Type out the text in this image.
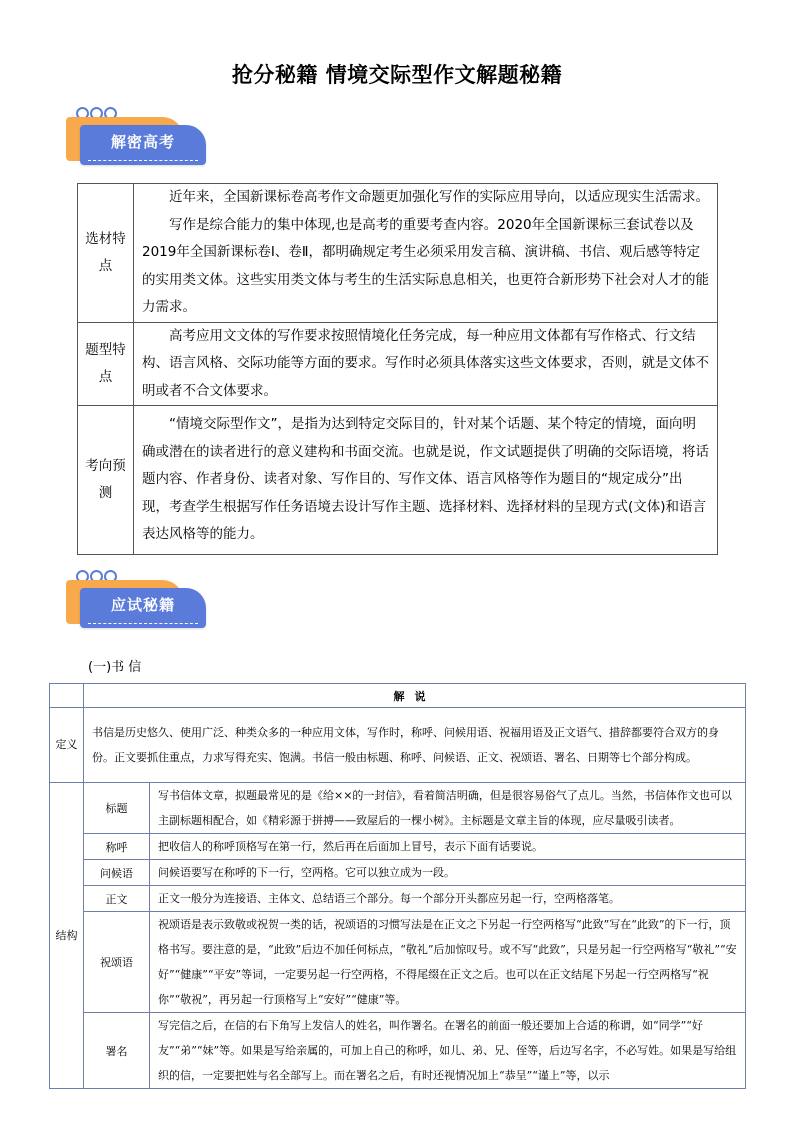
抢分秘籍 情境交际型作文解题秘籍
解密高考
选材特点	近年来，全国新课标卷高考作文命题更加强化写作的实际应用导向，以适应现实生活需求。

写作是综合能力的集中体现,也是高考的重要考查内容。2020年全国新课标三套试卷以及 2019年全国新课标卷Ⅰ、卷Ⅱ，都明确规定考生必须采用发言稿、演讲稿、书信、观后感等特定的实用类文体。这些实用类文体与考生的生活实际息息相关，也更符合新形势下社会对人才的能力需求。

题型特点	高考应用文文体的写作要求按照情境化任务完成，每一种应用文体都有写作格式、行文结构、语言风格、交际功能等方面的要求。写作时必须具体落实这些文体要求，否则，就是文体不明或者不合文体要求。

考向预测	“情境交际型作文”，是指为达到特定交际目的，针对某个话题、某个特定的情境，面向明确或潜在的读者进行的意义建构和书面交流。也就是说，作文试题提供了明确的交际语境，将话题内容、作者身份、读者对象、写作目的、写作文体、语言风格等作为题目的“规定成分”出现，考查学生根据写作任务语境去设计写作主题、选择材料、选择材料的呈现方式(文体)和语言表达风格等的能力。

应试秘籍
(一)书 信
	解说	
定义	书信是历史悠久、使用广泛、种类众多的一种应用文体，写作时，称呼、问候用语、祝福用语及正文语气、措辞都要符合双方的身份。正文要抓住重点，力求写得充实、饱满。书信一般由标题、称呼、问候语、正文、祝颂语、署名、日期等七个部分构成。	
结构	标题	写书信体文章，拟题最常见的是《给××的一封信》，看着简洁明确，但是很容易俗气了点儿。当然，书信体作文也可以主副标题相配合，如《精彩源于拼搏——致屋后的一棵小树》。主标题是文章主旨的体现，应尽量吸引读者。
	称呼	把收信人的称呼顶格写在第一行，然后再在后面加上冒号，表示下面有话要说。
	问候语	问候语要写在称呼的下一行，空两格。它可以独立成为一段。
	正文	正文一般分为连接语、主体文、总结语三个部分。每一个部分开头都应另起一行，空两格落笔。
	祝颂语	祝颂语是表示致敬或祝贺一类的话，祝颂语的习惯写法是在正文之下另起一行空两格写“此致”写在“此致”的下一行，顶格书写。要注意的是，“此致”后边不加任何标点，“敬礼”后加惊叹号。或不写“此致”，只是另起一行空两格写“敬礼”“安好”“健康”“平安”等词，一定要另起一行空两格，不得尾缀在正文之后。也可以在正文结尾下另起一行空两格写“祝你”“敬祝”，再另起一行顶格写上“安好”“健康”等。
	署名	写完信之后，在信的右下角写上发信人的姓名，叫作署名。在署名的前面一般还要加上合适的称谓，如“同学”“好友”“弟”“妹”等。如果是写给亲属的，可加上自己的称呼，如儿、弟、兄、侄等，后边写名字，不必写姓。如果是写给组织的信，一定要把姓与名全部写上。而在署名之后，有时还视情况加上“恭呈”“谨上”等，以示
